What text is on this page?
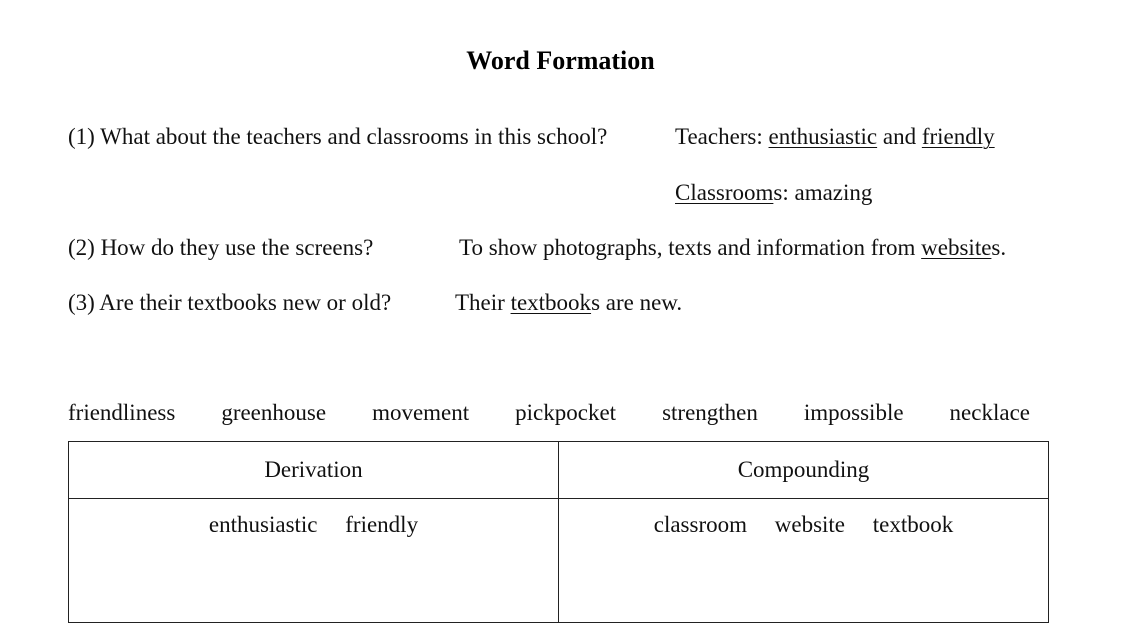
Word Formation
(1) What about the teachers and classrooms in this school?	Teachers: enthusiastic and friendly
Classrooms: amazing
(2) How do they use the screens?	To show photographs, texts and information from websites.
(3) Are their textbooks new or old?	Their textbooks are new.
friendliness greenhouse movement pickpocket strengthen impossible necklace
Derivation	Compounding
enthusiastic friendly	classroom website textbook
